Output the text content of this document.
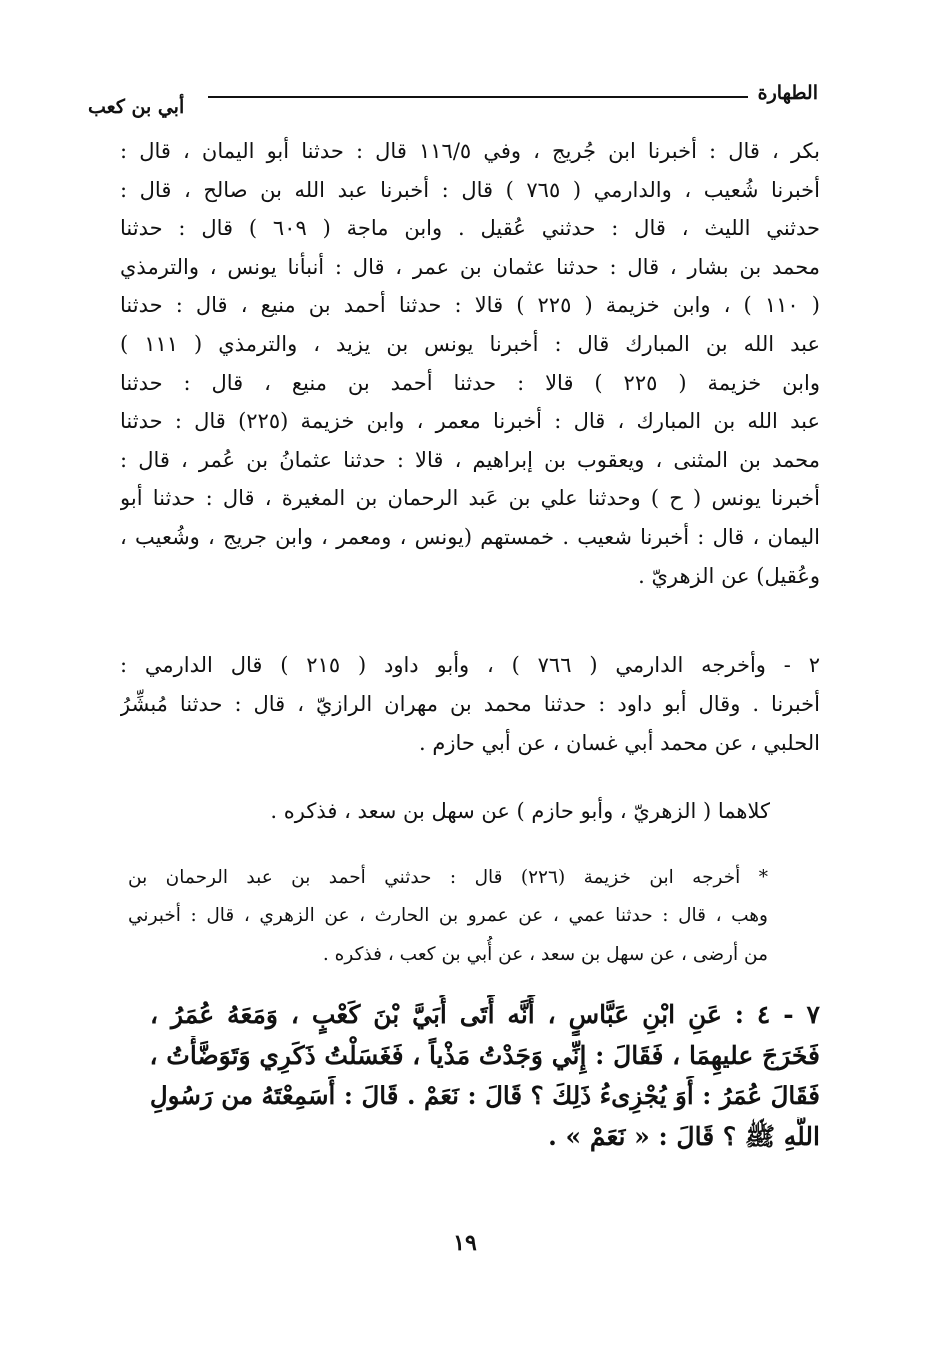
الطهارة
أبي بن كعب
بكر ، قال : أخبرنا ابن جُريج ، وفي ١١٦/٥ قال : حدثنا أبو اليمان ، قال :
أخبرنا شُعيب ، والدارمي ( ٧٦٥ ) قال : أخبرنا عبد الله بن صالح ، قال :
حدثني الليث ، قال : حدثني عُقيل . وابن ماجة ( ٦٠٩ ) قال : حدثنا
محمد بن بشار ، قال : حدثنا عثمان بن عمر ، قال : أنبأنا يونس ، والترمذي
( ١١٠ ) ، وابن خزيمة ( ٢٢٥ ) قالا : حدثنا أحمد بن منيع ، قال : حدثنا
عبد الله بن المبارك قال : أخبرنا يونس بن يزيد ، والترمذي ( ١١١ )
وابن خزيمة ( ٢٢٥ ) قالا : حدثنا أحمد بن منيع ، قال : حدثنا
عبد الله بن المبارك ، قال : أخبرنا معمر ، وابن خزيمة (٢٢٥) قال : حدثنا
محمد بن المثنى ، ويعقوب بن إبراهيم ، قالا : حدثنا عثمانُ بن عُمر ، قال :
أخبرنا يونس ( ح ) وحدثنا علي بن عَبد الرحمان بن المغيرة ، قال : حدثنا أبو
اليمان ، قال : أخبرنا شعيب . خمستهم (يونس ، ومعمر ، وابن جريج ، وشُعيب ،
وعُقيل) عن الزهريّ .
٢ - وأخرجه الدارمي ( ٧٦٦ ) ، وأبو داود ( ٢١٥ ) قال الدارمي :
أخبرنا . وقال أبو داود : حدثنا محمد بن مهران الرازيّ ، قال : حدثنا مُبشِّرُ
الحلبي ، عن محمد أبي غسان ، عن أبي حازم .
كلاهما ( الزهريّ ، وأبو حازم ) عن سهل بن سعد ، فذكره .
* أخرجه ابن خزيمة (٢٢٦) قال : حدثني أحمد بن عبد الرحمان بن
وهب ، قال : حدثنا عمي ، عن عمرو بن الحارث ، عن الزهري ، قال : أخبرني
من أرضى ، عن سهل بن سعد ، عن أُبي بن كعب ، فذكره .
٧ - ٤ : عَنِ ابْنِ عَبَّاسٍ ، أَنَّه أَتَى أُبَيَّ بْنَ كَعْبٍ ، وَمَعَهُ عُمَرُ ،
فَخَرَجَ عليهِمَا ، فَقَالَ : إِنِّي وَجَدْتُ مَذْياً ، فَغَسَلْتُ ذَكَرِي وَتَوَضَّأْتُ ،
فَقَالَ عُمَرُ : أَوَ يُجْزِىءُ ذَلِكَ ؟ قَالَ : نَعَمْ . قَالَ : أَسَمِعْتَهُ من رَسُولِ
اللَّهِ ﷺ ؟ قَالَ : « نَعَمْ » .
١٩
